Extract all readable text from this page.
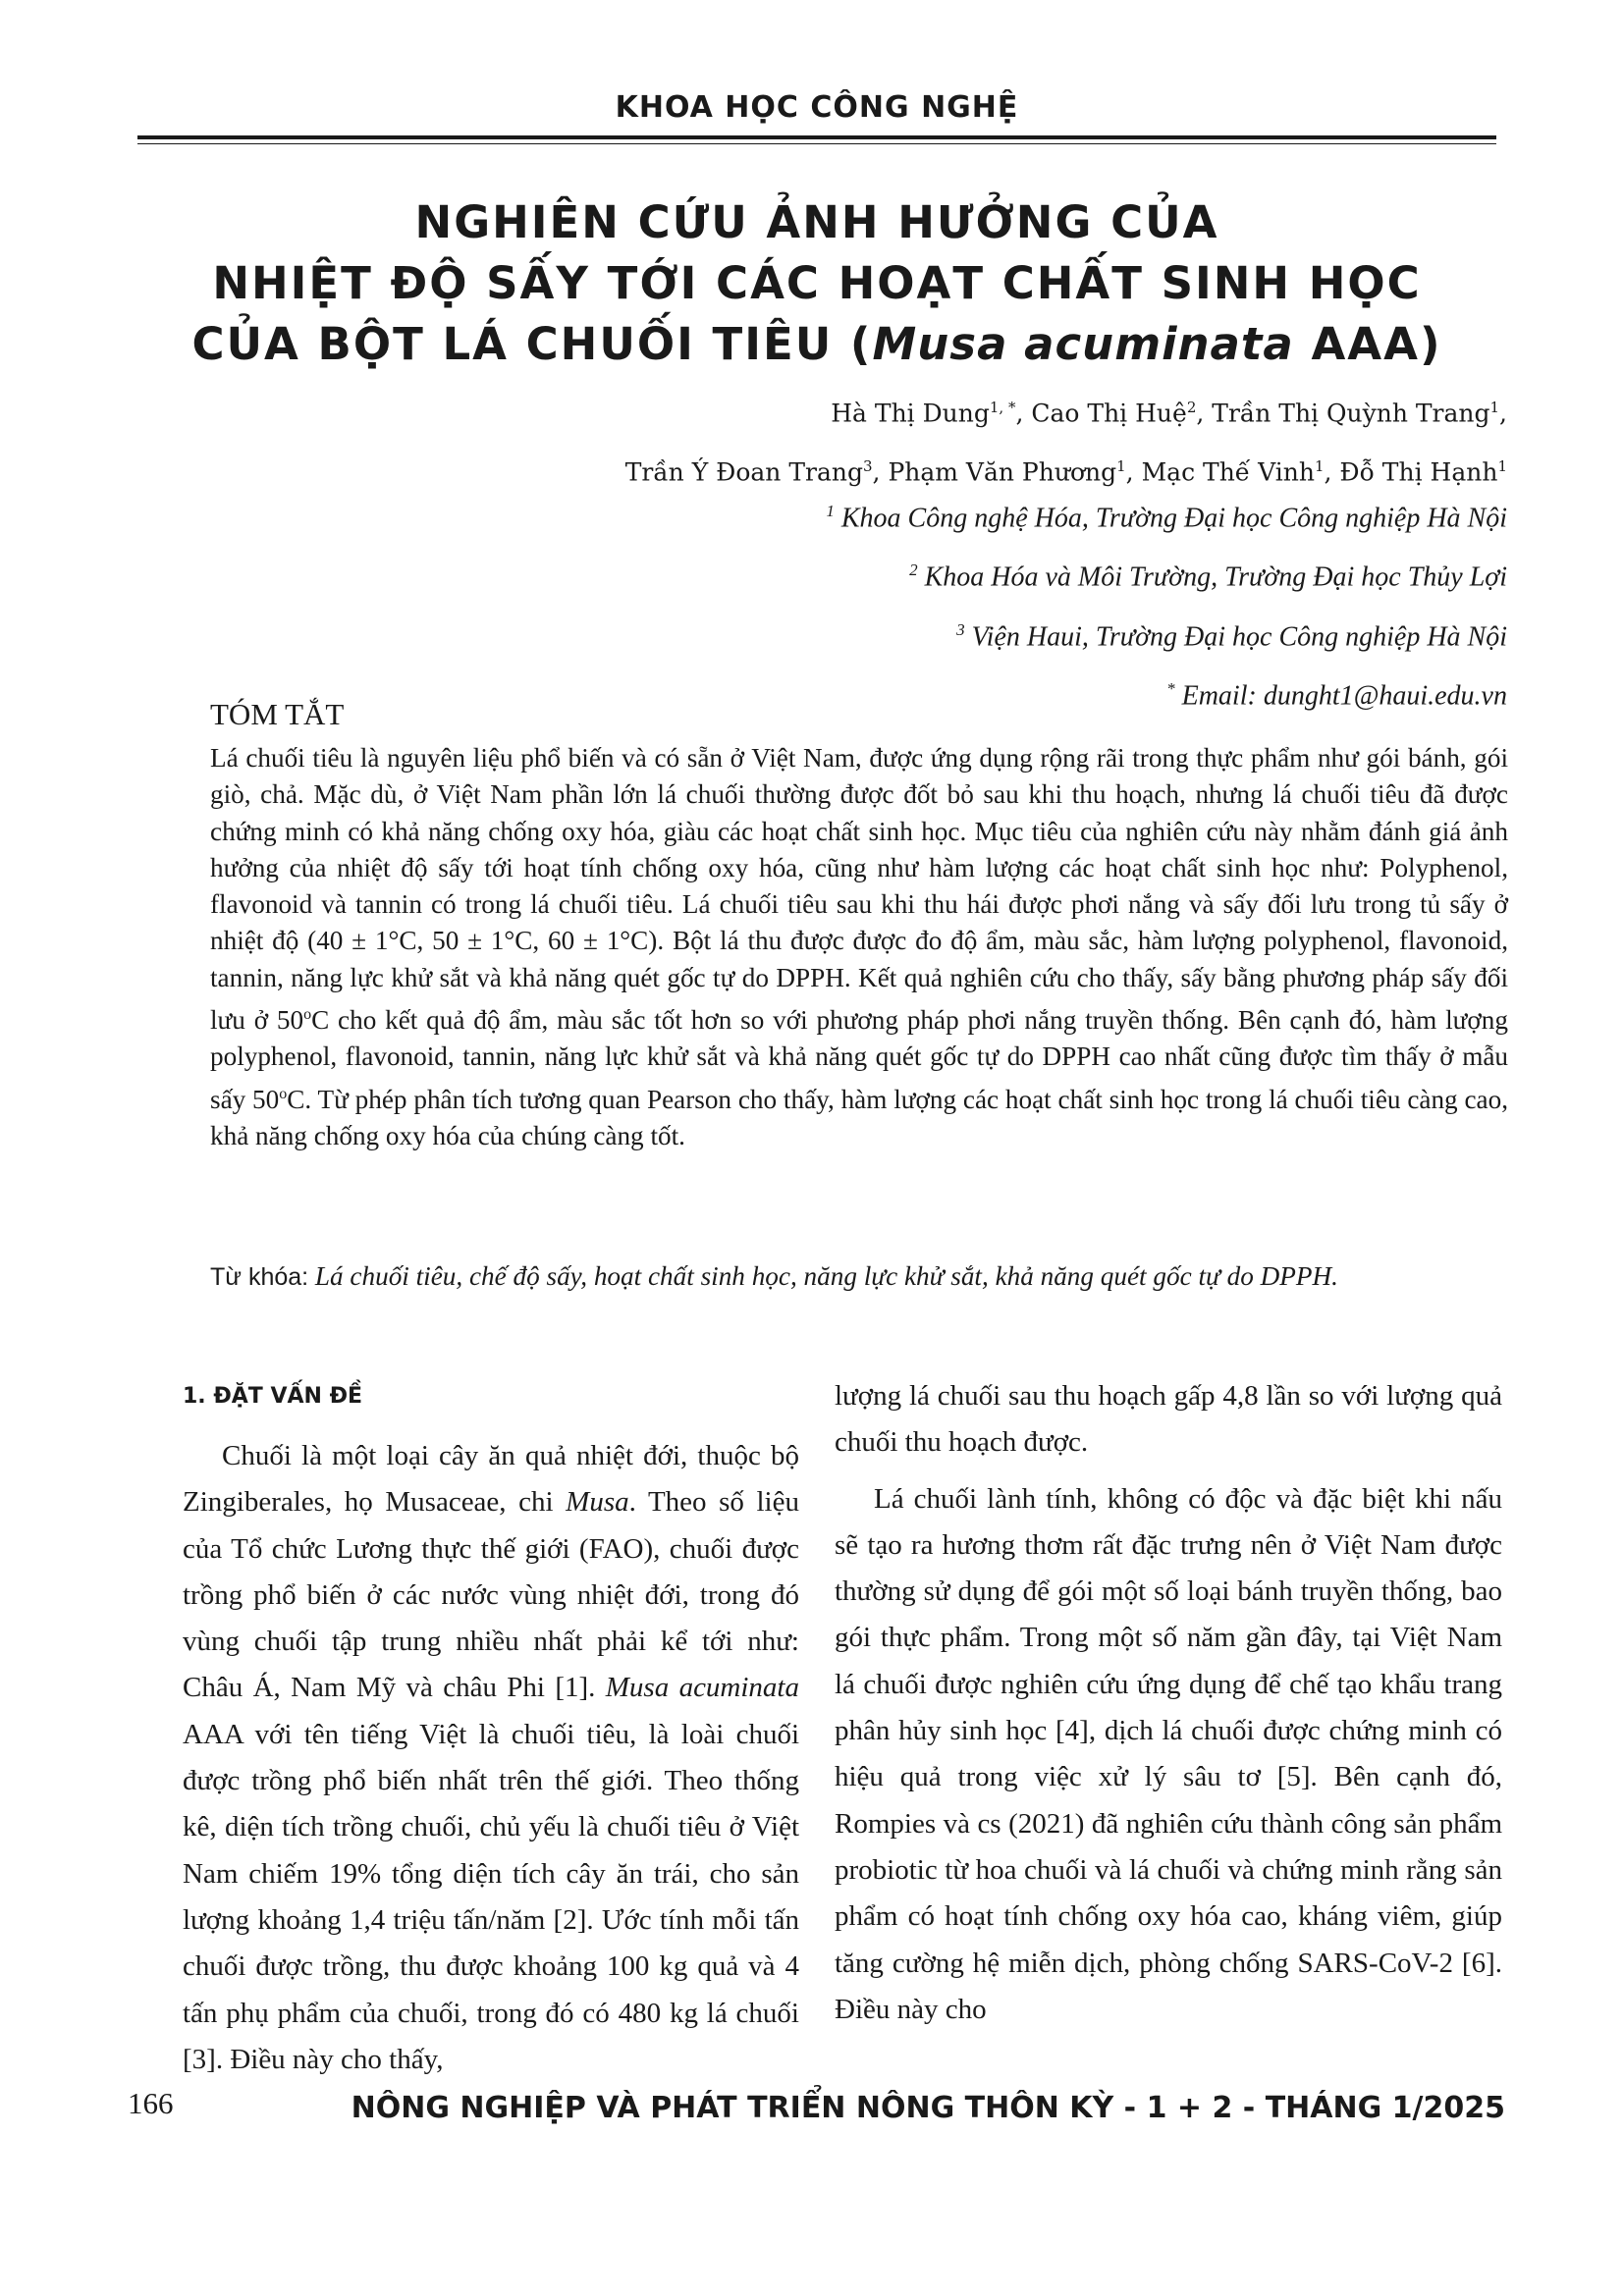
KHOA HỌC CÔNG NGHỆ
NGHIÊN CỨU ẢNH HƯỞNG CỦA
NHIỆT ĐỘ SẤY TỚI CÁC HOẠT CHẤT SINH HỌC
CỦA BỘT LÁ CHUỐI TIÊU (Musa acuminata AAA)
Hà Thị Dung$^{1, *}$, Cao Thị Huệ$^2$, Trần Thị Quỳnh Trang$^1$,
Trần Ý Đoan Trang$^3$, Phạm Văn Phương$^1$, Mạc Thế Vinh$^1$, Đỗ Thị Hạnh$^1$
$^1$ Khoa Công nghệ Hóa, Trường Đại học Công nghiệp Hà Nội
$^2$ Khoa Hóa và Môi Trường, Trường Đại học Thủy Lợi
$^3$ Viện Haui, Trường Đại học Công nghiệp Hà Nội
* Email: dunght1@haui.edu.vn
TÓM TẮT
Lá chuối tiêu là nguyên liệu phổ biến và có sẵn ở Việt Nam, được ứng dụng rộng rãi trong thực phẩm như gói bánh, gói giò, chả. Mặc dù, ở Việt Nam phần lớn lá chuối thường được đốt bỏ sau khi thu hoạch, nhưng lá chuối tiêu đã được chứng minh có khả năng chống oxy hóa, giàu các hoạt chất sinh học. Mục tiêu của nghiên cứu này nhằm đánh giá ảnh hưởng của nhiệt độ sấy tới hoạt tính chống oxy hóa, cũng như hàm lượng các hoạt chất sinh học như: Polyphenol, flavonoid và tannin có trong lá chuối tiêu. Lá chuối tiêu sau khi thu hái được phơi nắng và sấy đối lưu trong tủ sấy ở nhiệt độ (40 ± 1°C, 50 ± 1°C, 60 ± 1°C). Bột lá thu được được đo độ ẩm, màu sắc, hàm lượng polyphenol, flavonoid, tannin, năng lực khử sắt và khả năng quét gốc tự do DPPH. Kết quả nghiên cứu cho thấy, sấy bằng phương pháp sấy đối lưu ở 50$^o$C cho kết quả độ ẩm, màu sắc tốt hơn so với phương pháp phơi nắng truyền thống. Bên cạnh đó, hàm lượng polyphenol, flavonoid, tannin, năng lực khử sắt và khả năng quét gốc tự do DPPH cao nhất cũng được tìm thấy ở mẫu sấy 50$^o$C. Từ phép phân tích tương quan Pearson cho thấy, hàm lượng các hoạt chất sinh học trong lá chuối tiêu càng cao, khả năng chống oxy hóa của chúng càng tốt.
Từ khóa: Lá chuối tiêu, chế độ sấy, hoạt chất sinh học, năng lực khử sắt, khả năng quét gốc tự do DPPH.
1. ĐẶT VẤN ĐỀ

Chuối là một loại cây ăn quả nhiệt đới, thuộc bộ Zingiberales, họ Musaceae, chi Musa. Theo số liệu của Tổ chức Lương thực thế giới (FAO), chuối được trồng phổ biến ở các nước vùng nhiệt đới, trong đó vùng chuối tập trung nhiều nhất phải kể tới như: Châu Á, Nam Mỹ và châu Phi [1]. Musa acuminata AAA với tên tiếng Việt là chuối tiêu, là loài chuối được trồng phổ biến nhất trên thế giới. Theo thống kê, diện tích trồng chuối, chủ yếu là chuối tiêu ở Việt Nam chiếm 19% tổng diện tích cây ăn trái, cho sản lượng khoảng 1,4 triệu tấn/năm [2]. Ước tính mỗi tấn chuối được trồng, thu được khoảng 100 kg quả và 4 tấn phụ phẩm của chuối, trong đó có 480 kg lá chuối [3]. Điều này cho thấy,

lượng lá chuối sau thu hoạch gấp 4,8 lần so với lượng quả chuối thu hoạch được.

Lá chuối lành tính, không có độc và đặc biệt khi nấu sẽ tạo ra hương thơm rất đặc trưng nên ở Việt Nam được thường sử dụng để gói một số loại bánh truyền thống, bao gói thực phẩm. Trong một số năm gần đây, tại Việt Nam lá chuối được nghiên cứu ứng dụng để chế tạo khẩu trang phân hủy sinh học [4], dịch lá chuối được chứng minh có hiệu quả trong việc xử lý sâu tơ [5]. Bên cạnh đó, Rompies và cs (2021) đã nghiên cứu thành công sản phẩm probiotic từ hoa chuối và lá chuối và chứng minh rằng sản phẩm có hoạt tính chống oxy hóa cao, kháng viêm, giúp tăng cường hệ miễn dịch, phòng chống SARS-CoV-2 [6]. Điều này cho

166	NÔNG NGHIỆP VÀ PHÁT TRIỂN NÔNG THÔN KỲ - 1 + 2 - THÁNG 1/2025
